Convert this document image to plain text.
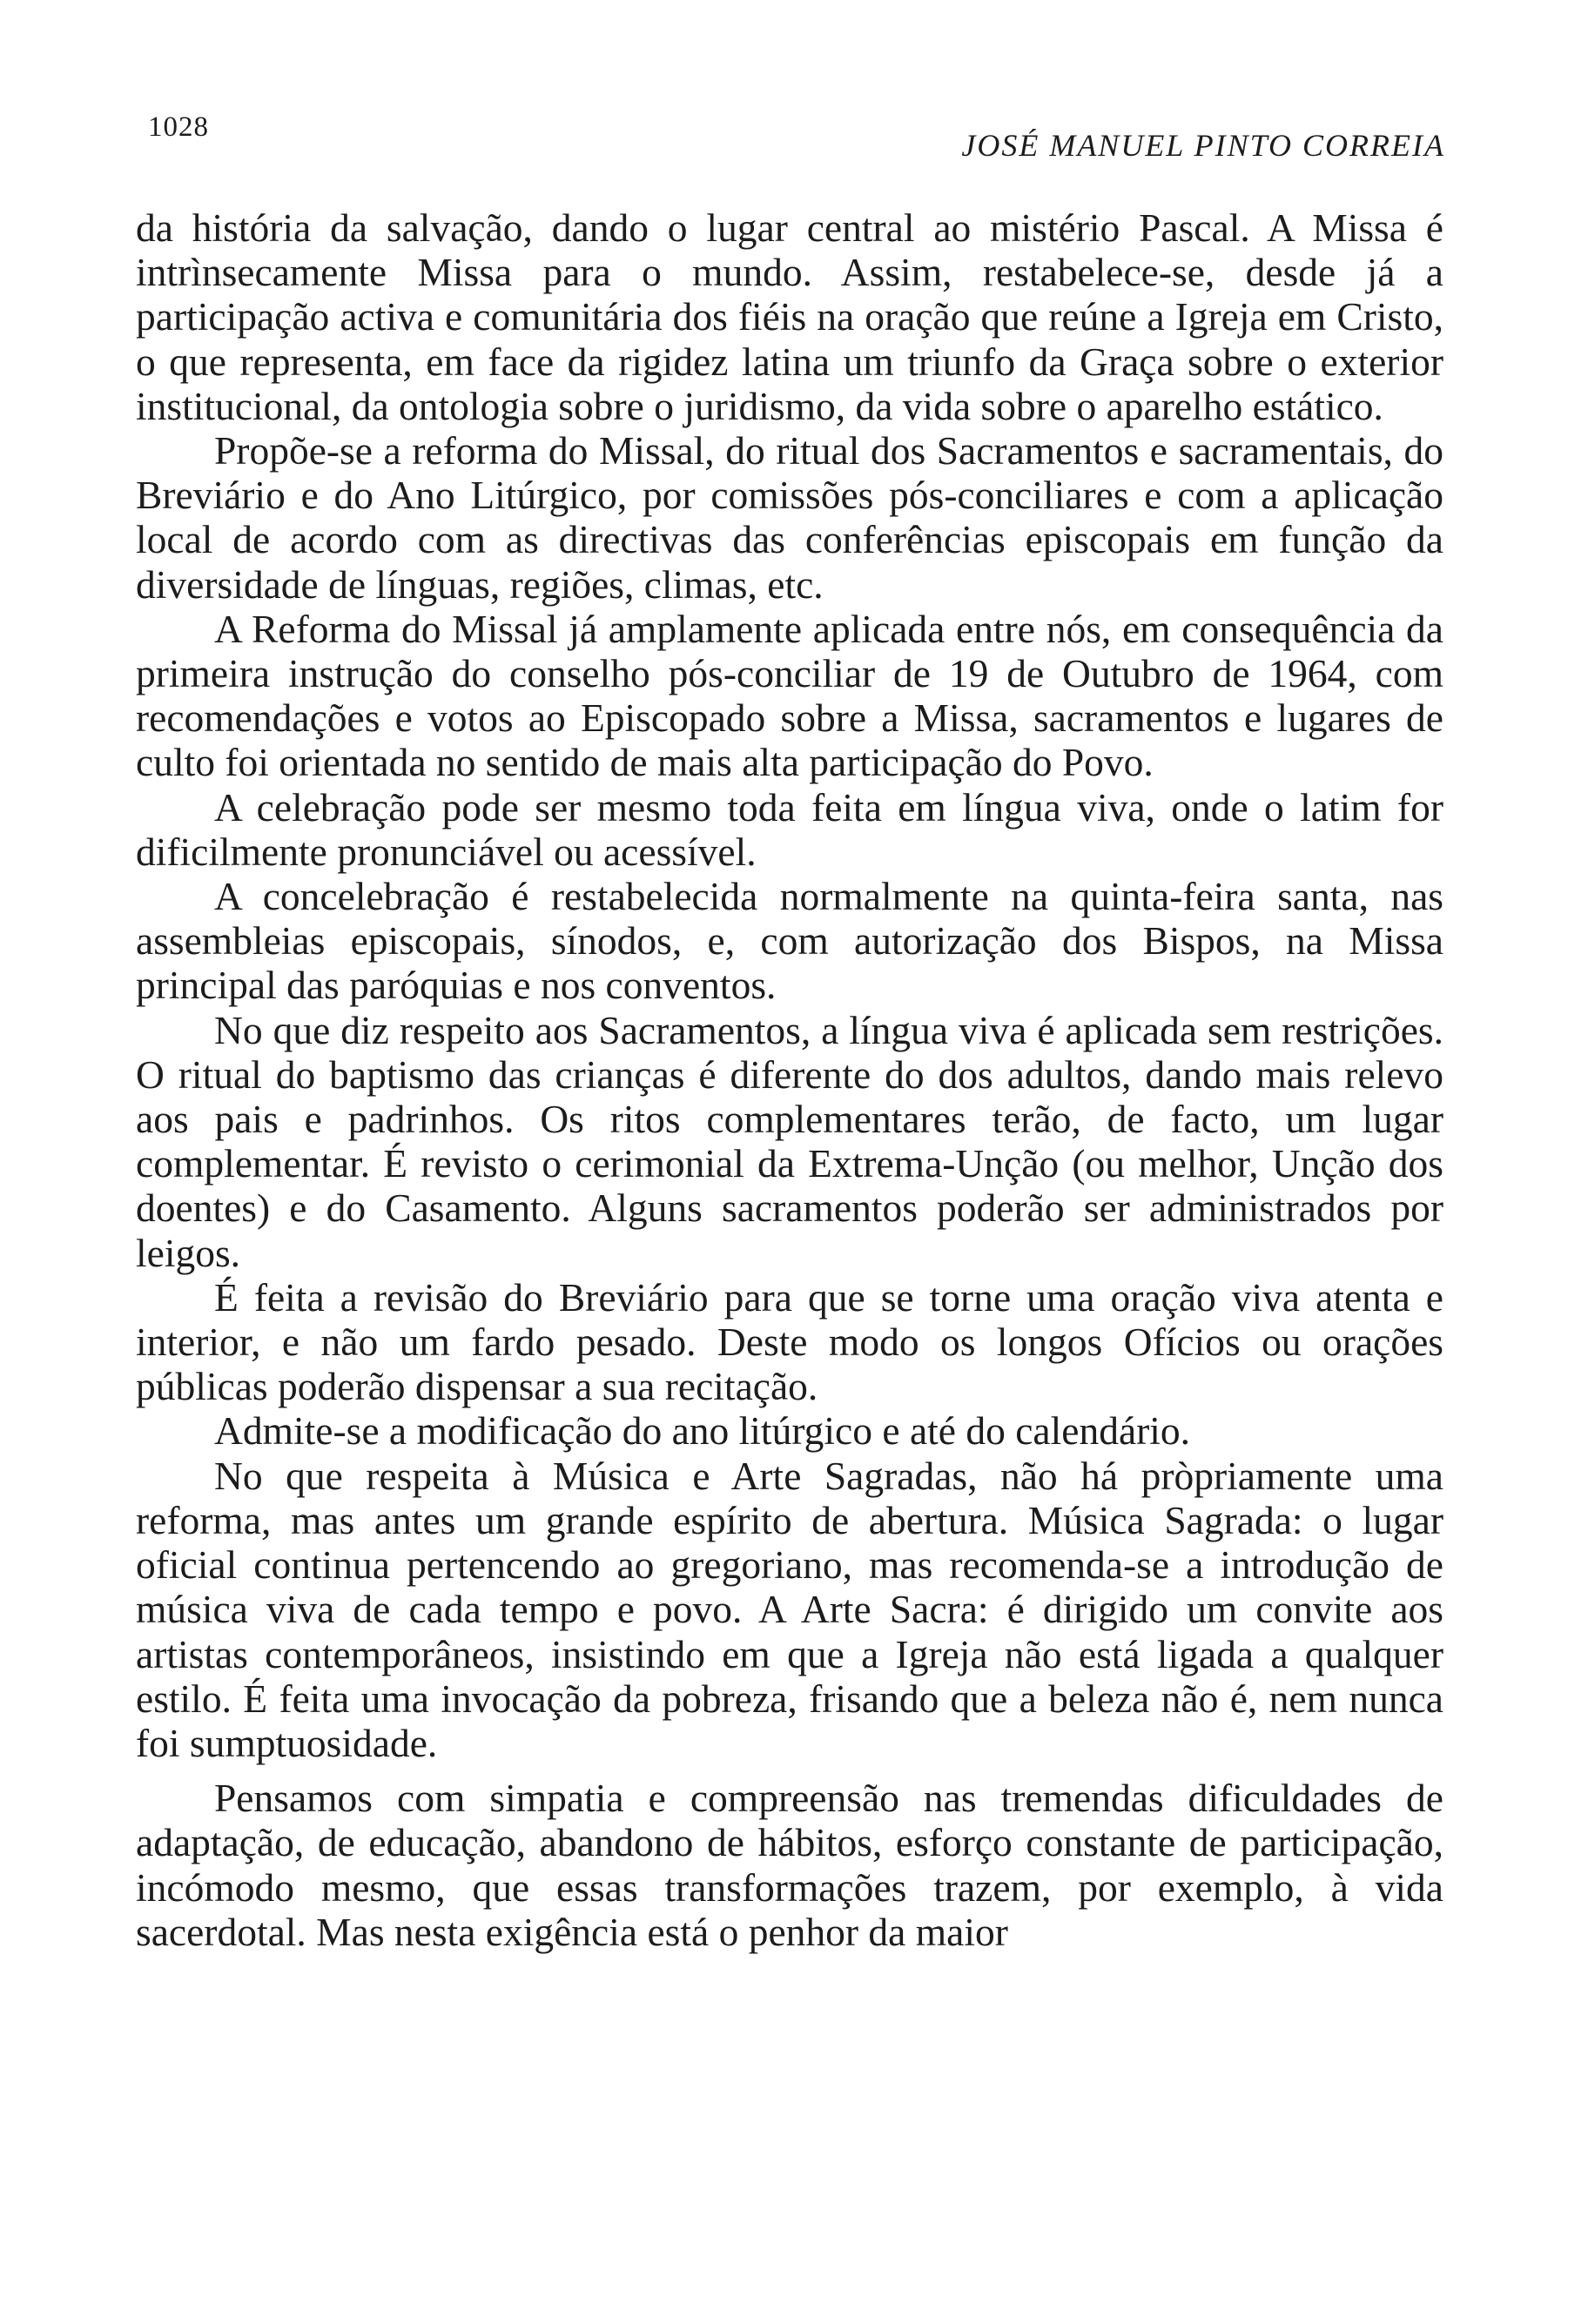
1028
JOSÉ MANUEL PINTO CORREIA

da história da salvação, dando o lugar central ao mistério Pascal. A Missa é intrìnsecamente Missa para o mundo. Assim, restabelece-se, desde já a participação activa e comunitária dos fiéis na oração que reúne a Igreja em Cristo, o que representa, em face da rigidez latina um triunfo da Graça sobre o exterior institucional, da ontologia sobre o juridismo, da vida sobre o aparelho estático.

Propõe-se a reforma do Missal, do ritual dos Sacramentos e sacramentais, do Breviário e do Ano Litúrgico, por comissões pós-conciliares e com a aplicação local de acordo com as directivas das conferências episcopais em função da diversidade de línguas, regiões, climas, etc.

A Reforma do Missal já amplamente aplicada entre nós, em consequência da primeira instrução do conselho pós-conciliar de 19 de Outubro de 1964, com recomendações e votos ao Episcopado sobre a Missa, sacramentos e lugares de culto foi orientada no sentido de mais alta participação do Povo.

A celebração pode ser mesmo toda feita em língua viva, onde o latim for dificilmente pronunciável ou acessível.

A concelebração é restabelecida normalmente na quinta-feira santa, nas assembleias episcopais, sínodos, e, com autorização dos Bispos, na Missa principal das paróquias e nos conventos.

No que diz respeito aos Sacramentos, a língua viva é aplicada sem restrições. O ritual do baptismo das crianças é diferente do dos adultos, dando mais relevo aos pais e padrinhos. Os ritos complementares terão, de facto, um lugar complementar. É revisto o cerimonial da Extrema-Unção (ou melhor, Unção dos doentes) e do Casamento. Alguns sacramentos poderão ser administrados por leigos.

É feita a revisão do Breviário para que se torne uma oração viva atenta e interior, e não um fardo pesado. Deste modo os longos Ofícios ou orações públicas poderão dispensar a sua recitação.

Admite-se a modificação do ano litúrgico e até do calendário.

No que respeita à Música e Arte Sagradas, não há pròpriamente uma reforma, mas antes um grande espírito de abertura. Música Sagrada: o lugar oficial continua pertencendo ao gregoriano, mas recomenda-se a introdução de música viva de cada tempo e povo. A Arte Sacra: é dirigido um convite aos artistas contemporâneos, insistindo em que a Igreja não está ligada a qualquer estilo. É feita uma invocação da pobreza, frisando que a beleza não é, nem nunca foi sumptuosidade.

Pensamos com simpatia e compreensão nas tremendas dificuldades de adaptação, de educação, abandono de hábitos, esforço constante de participação, incómodo mesmo, que essas transformações trazem, por exemplo, à vida sacerdotal. Mas nesta exigência está o penhor da maior
